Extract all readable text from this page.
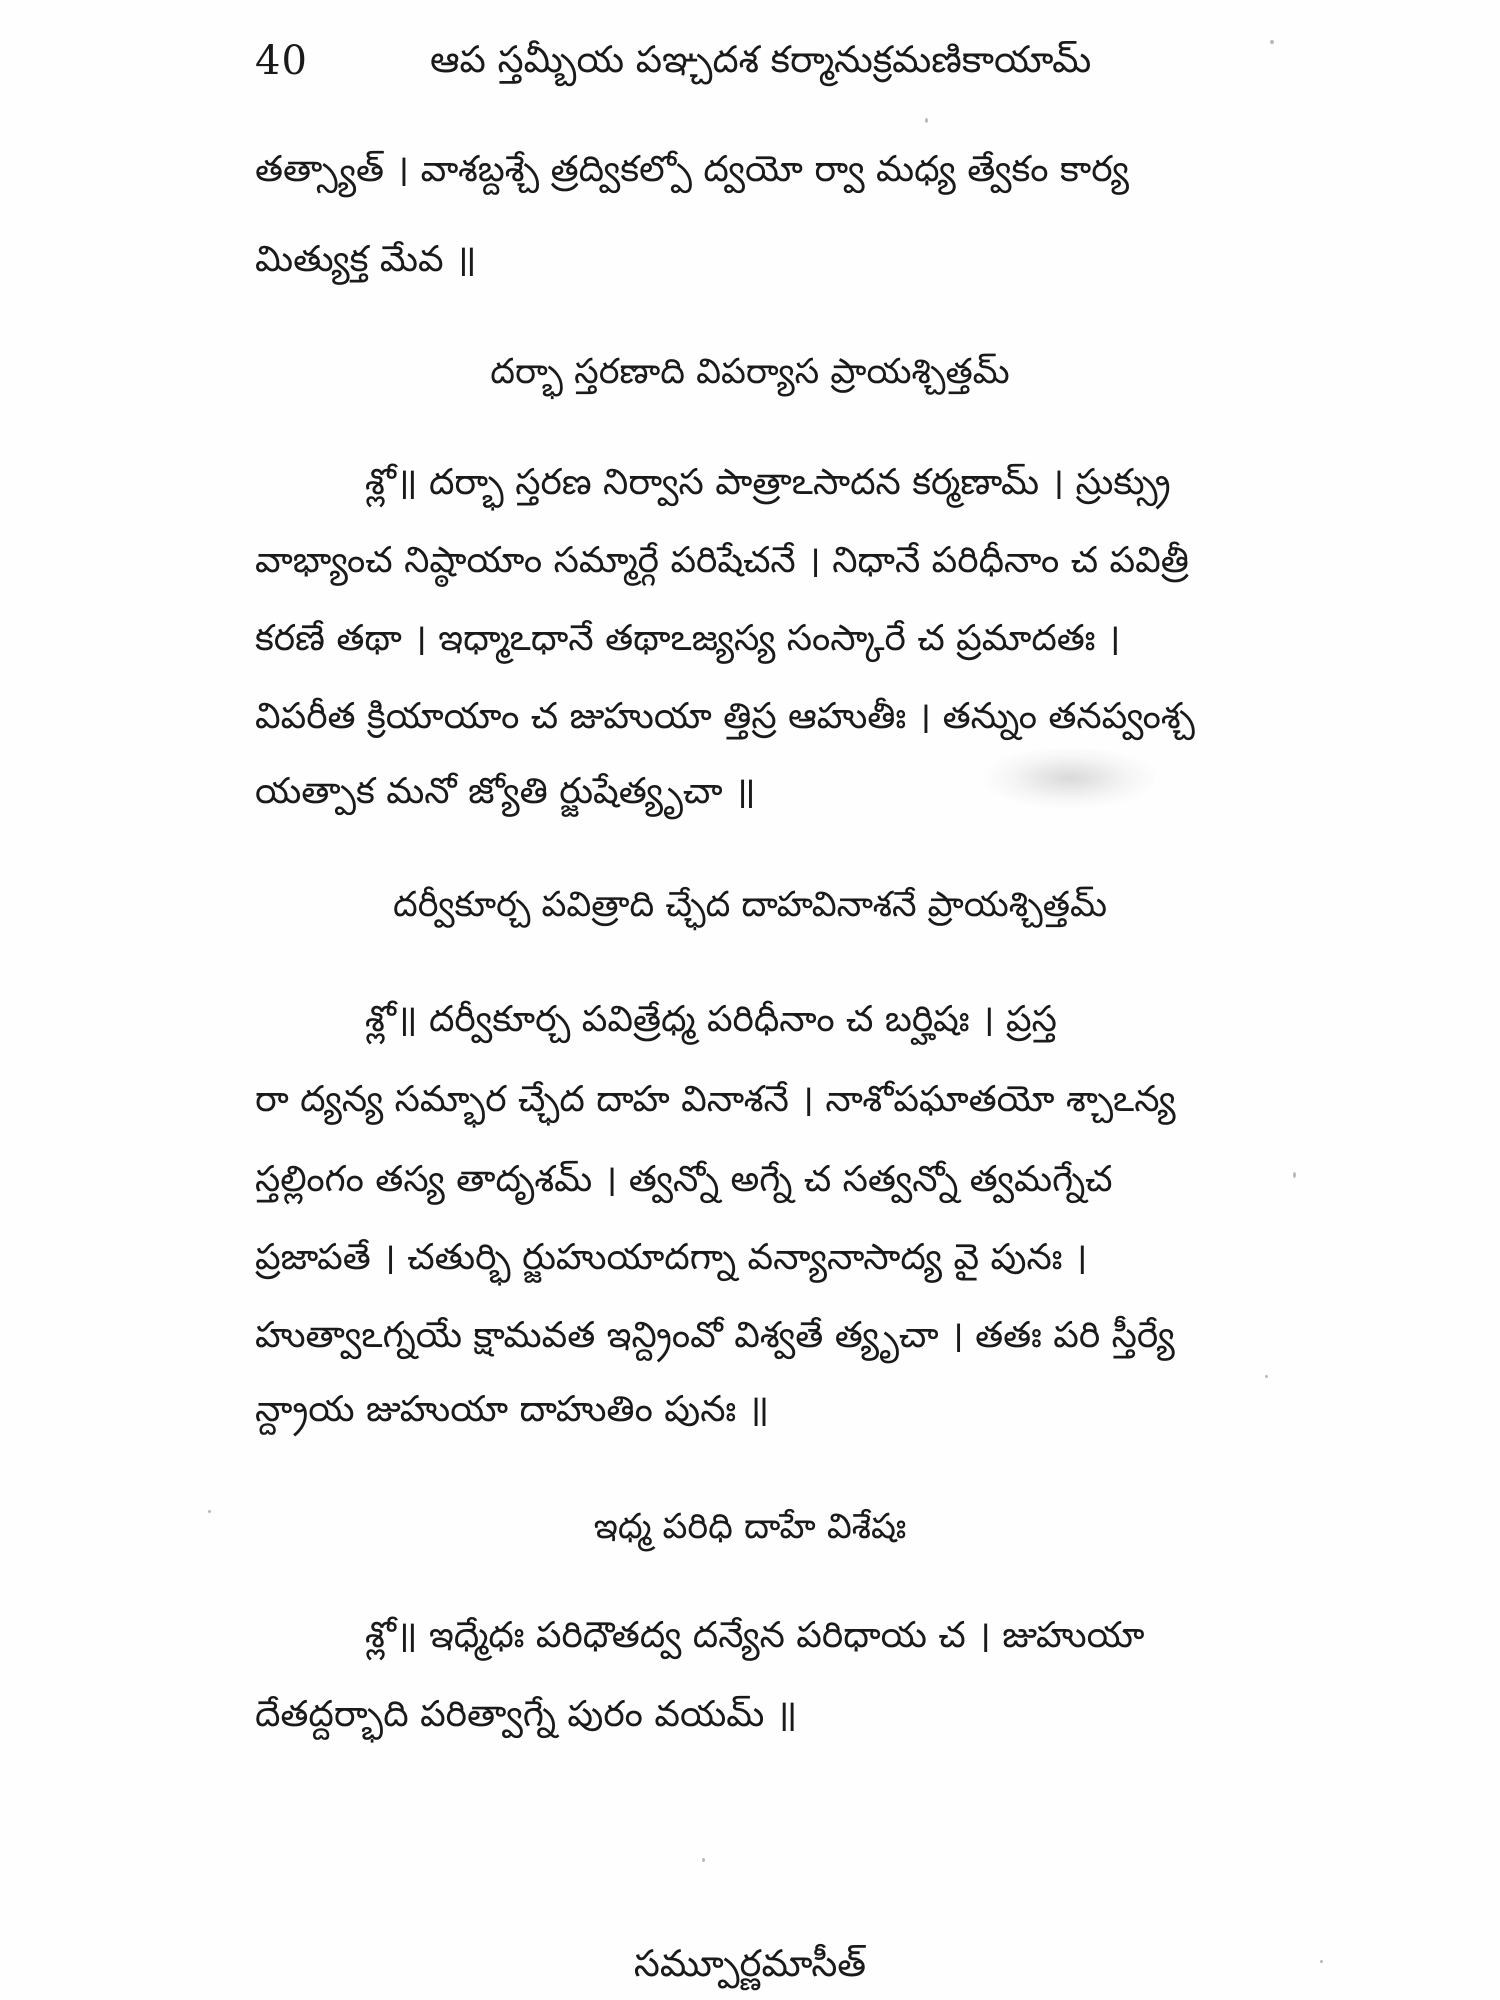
40	ఆప స్తమ్బీయ పఞ్చదశ కర్మానుక్రమణికాయామ్
తత్స్యాత్ । వాశబ్దశ్చే త్రద్వికల్పో ద్వయో ర్వా మధ్య త్వేకం కార్య
మిత్యుక్త మేవ ॥
దర్భా స్తరణాది విపర్యాస ప్రాయశ్చిత్తమ్
శ్లో॥ దర్భా స్తరణ నిర్వాస పాత్రాఽసాదన కర్మణామ్ । స్రుక్స్రు
వాభ్యాంచ నిష్ఠాయాం సమ్మార్గే పరిషేచనే । నిధానే పరిధీనాం చ పవిత్రీ
కరణే తథా । ఇధ్మాఽధానే తథాఽజ్యస్య సంస్కారే చ ప్రమాదతః ।
విపరీత క్రియాయాం చ జుహుయా త్తిస్ర ఆహుతీః । తన్నుం తనప్వంశ్చ
యత్పాక మనో జ్యోతి ర్జుషేత్యృచా ॥
దర్వీకూర్చ పవిత్రాది చ్ఛేద దాహవినాశనే ప్రాయశ్చిత్తమ్
శ్లో॥ దర్వీకూర్చ పవిత్రేధ్మ పరిధీనాం చ బర్హిషః । ప్రస్త
రా ద్యన్య సమ్భార చ్ఛేద దాహ వినాశనే । నాశోపఘాతయో శ్చాఽన్య
స్తల్లింగం తస్య తాదృశమ్ । త్వన్నో అగ్నే చ సత్వన్నో త్వమగ్నేచ
ప్రజాపతే । చతుర్భి ర్జుహుయాదగ్నా వన్యానాసాద్య వై పునః ।
హుత్వాఽగ్నయే క్షామవత ఇన్ద్రింవో విశ్వతే త్యృచా । తతః పరి స్తీర్యే
న్ద్రాయ జుహుయా దాహుతిం పునః ॥
ఇధ్మ పరిధి దాహే విశేషః
శ్లో॥ ఇధ్మేధః పరిధౌతద్వ దన్యేన పరిధాయ చ । జుహుయా
దేతద్దర్భాది పరిత్వాగ్నే పురం వయమ్ ॥
సమ్పూర్ణమాసీత్
